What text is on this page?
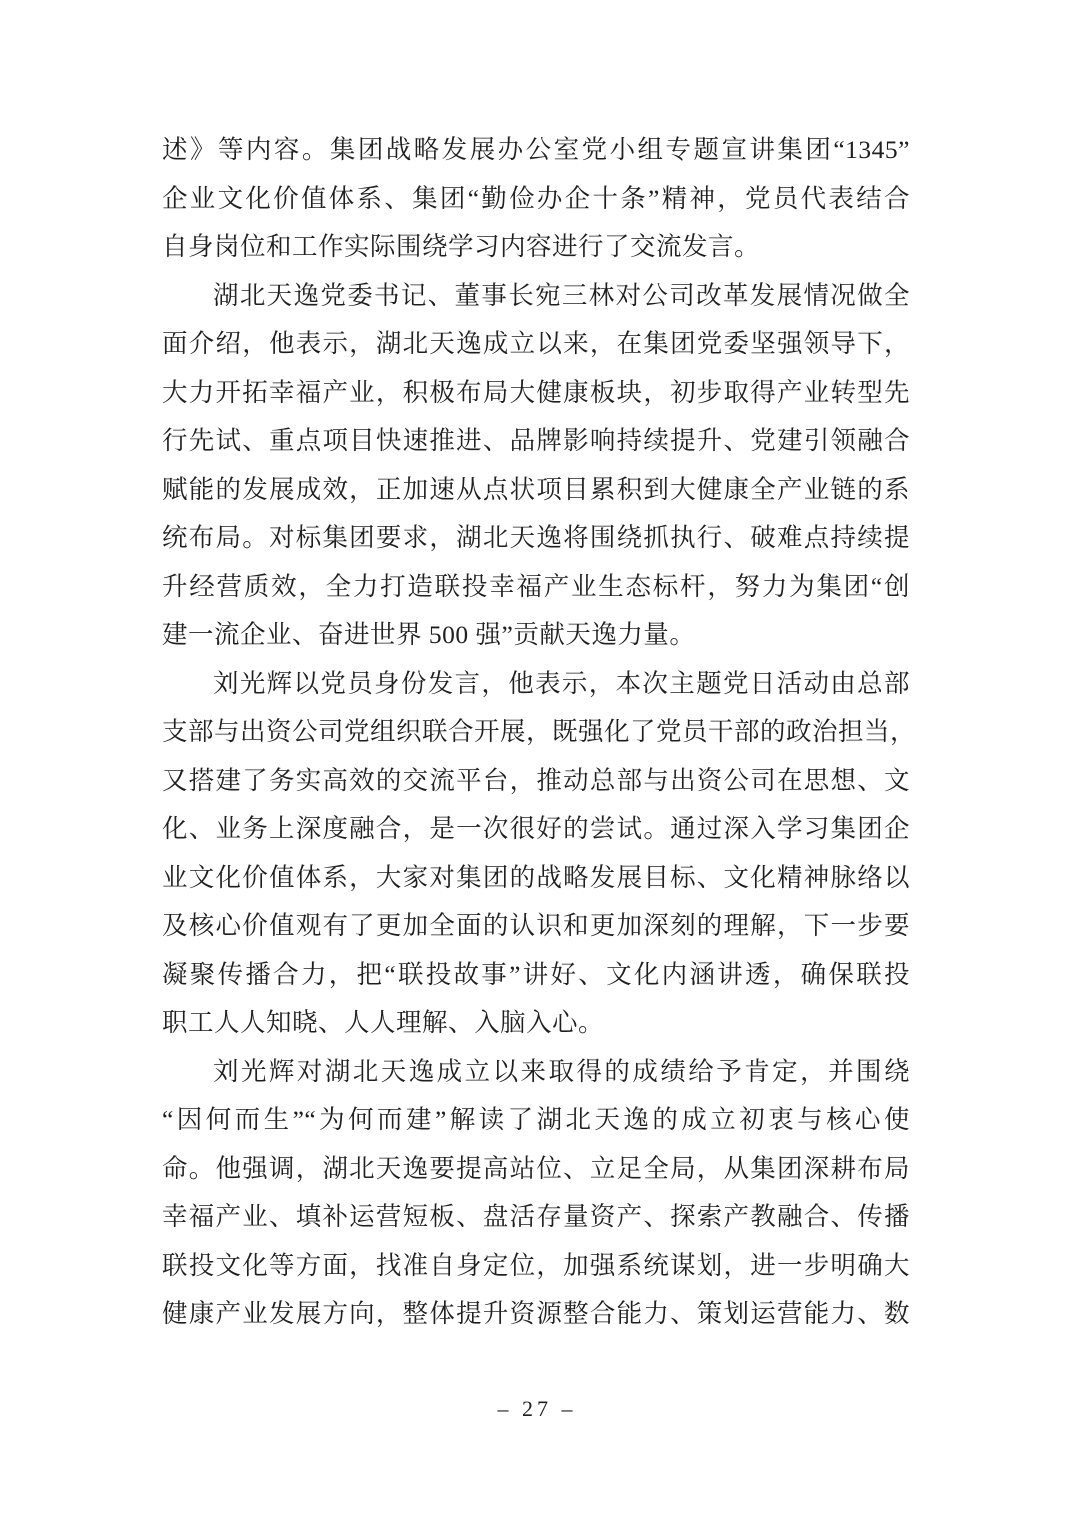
述》等内容。集团战略发展办公室党小组专题宣讲集团“1345”
企业文化价值体系、集团“勤俭办企十条”精神，党员代表结合
自身岗位和工作实际围绕学习内容进行了交流发言。
湖北天逸党委书记、董事长宛三林对公司改革发展情况做全
面介绍，他表示，湖北天逸成立以来，在集团党委坚强领导下，
大力开拓幸福产业，积极布局大健康板块，初步取得产业转型先
行先试、重点项目快速推进、品牌影响持续提升、党建引领融合
赋能的发展成效，正加速从点状项目累积到大健康全产业链的系
统布局。对标集团要求，湖北天逸将围绕抓执行、破难点持续提
升经营质效，全力打造联投幸福产业生态标杆，努力为集团“创
建一流企业、奋进世界 500 强”贡献天逸力量。
刘光辉以党员身份发言，他表示，本次主题党日活动由总部
支部与出资公司党组织联合开展，既强化了党员干部的政治担当，
又搭建了务实高效的交流平台，推动总部与出资公司在思想、文
化、业务上深度融合，是一次很好的尝试。通过深入学习集团企
业文化价值体系，大家对集团的战略发展目标、文化精神脉络以
及核心价值观有了更加全面的认识和更加深刻的理解，下一步要
凝聚传播合力，把“联投故事”讲好、文化内涵讲透，确保联投
职工人人知晓、人人理解、入脑入心。
刘光辉对湖北天逸成立以来取得的成绩给予肯定，并围绕
“因何而生”“为何而建”解读了湖北天逸的成立初衷与核心使
命。他强调，湖北天逸要提高站位、立足全局，从集团深耕布局
幸福产业、填补运营短板、盘活存量资产、探索产教融合、传播
联投文化等方面，找准自身定位，加强系统谋划，进一步明确大
健康产业发展方向，整体提升资源整合能力、策划运营能力、数
– 27 –
